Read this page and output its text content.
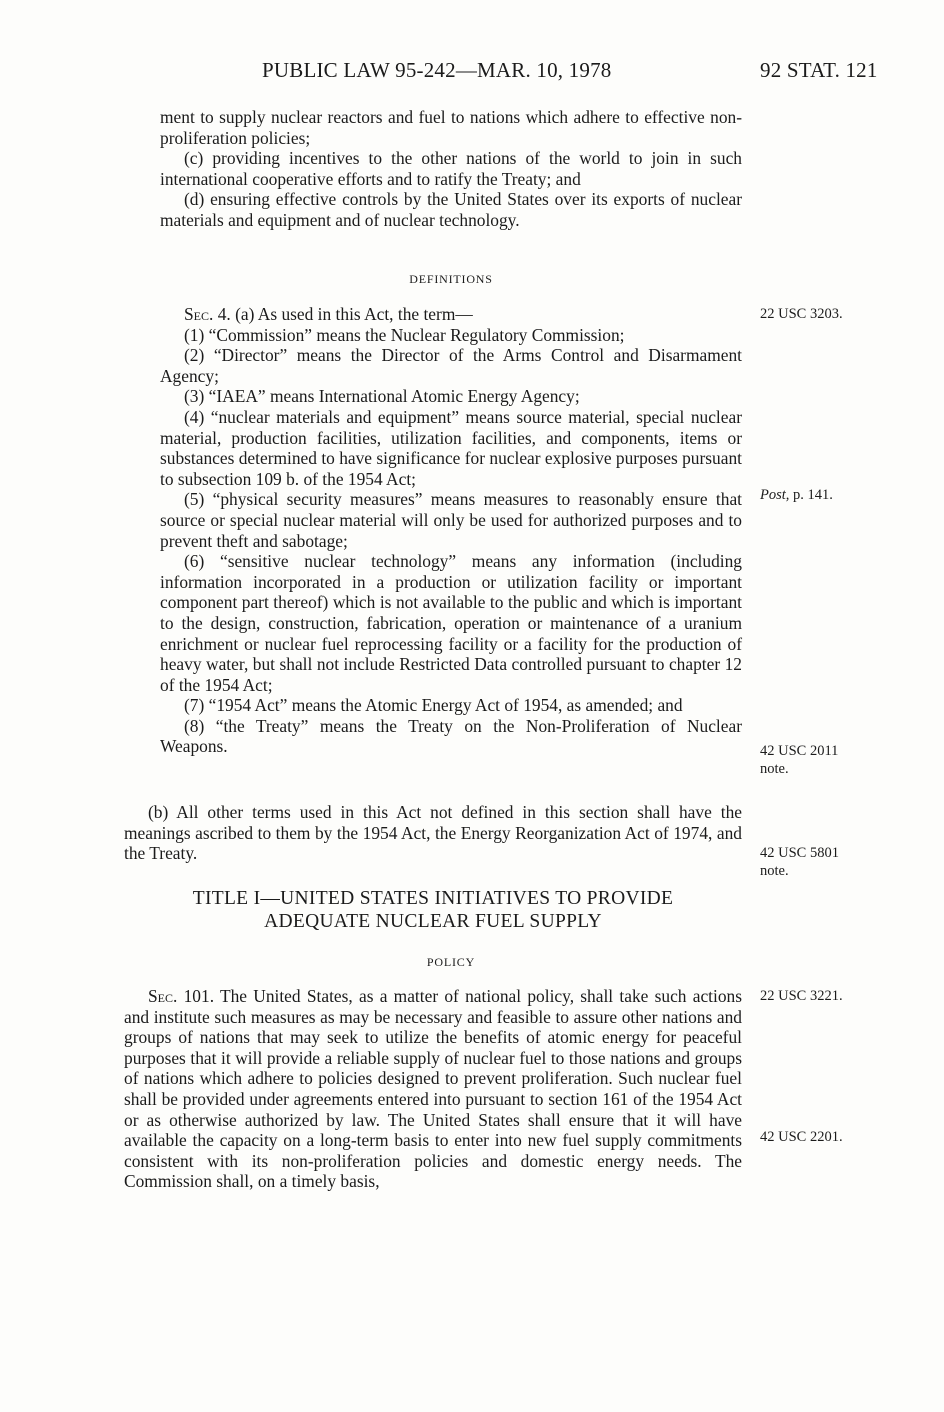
PUBLIC LAW 95-242—MAR. 10, 1978	92 STAT. 121

ment to supply nuclear reactors and fuel to nations which adhere to effective non-proliferation policies;

(c) providing incentives to the other nations of the world to join in such international cooperative efforts and to ratify the Treaty; and

(d) ensuring effective controls by the United States over its exports of nuclear materials and equipment and of nuclear technology.

DEFINITIONS

Sec. 4. (a) As used in this Act, the term—

(1) “Commission” means the Nuclear Regulatory Commission;

(2) “Director” means the Director of the Arms Control and Disarmament Agency;

(3) “IAEA” means International Atomic Energy Agency;

(4) “nuclear materials and equipment” means source material, special nuclear material, production facilities, utilization facilities, and components, items or substances determined to have significance for nuclear explosive purposes pursuant to subsection 109 b. of the 1954 Act;

(5) “physical security measures” means measures to reasonably ensure that source or special nuclear material will only be used for authorized purposes and to prevent theft and sabotage;

(6) “sensitive nuclear technology” means any information (including information incorporated in a production or utilization facility or important component part thereof) which is not available to the public and which is important to the design, construction, fabrication, operation or maintenance of a uranium enrichment or nuclear fuel reprocessing facility or a facility for the production of heavy water, but shall not include Restricted Data controlled pursuant to chapter 12 of the 1954 Act;

(7) “1954 Act” means the Atomic Energy Act of 1954, as amended; and

(8) “the Treaty” means the Treaty on the Non-Proliferation of Nuclear Weapons.

(b) All other terms used in this Act not defined in this section shall have the meanings ascribed to them by the 1954 Act, the Energy Reorganization Act of 1974, and the Treaty.

TITLE I—UNITED STATES INITIATIVES TO PROVIDE
ADEQUATE NUCLEAR FUEL SUPPLY
POLICY

Sec. 101. The United States, as a matter of national policy, shall take such actions and institute such measures as may be necessary and feasible to assure other nations and groups of nations that may seek to utilize the benefits of atomic energy for peaceful purposes that it will provide a reliable supply of nuclear fuel to those nations and groups of nations which adhere to policies designed to prevent proliferation. Such nuclear fuel shall be provided under agreements entered into pursuant to section 161 of the 1954 Act or as otherwise authorized by law. The United States shall ensure that it will have available the capacity on a long-term basis to enter into new fuel supply commitments consistent with its non-proliferation policies and domestic energy needs. The Commission shall, on a timely basis,

22 USC 3203.
Post, p. 141.
42 USC 2011
note.
42 USC 5801
note.
22 USC 3221.
42 USC 2201.
